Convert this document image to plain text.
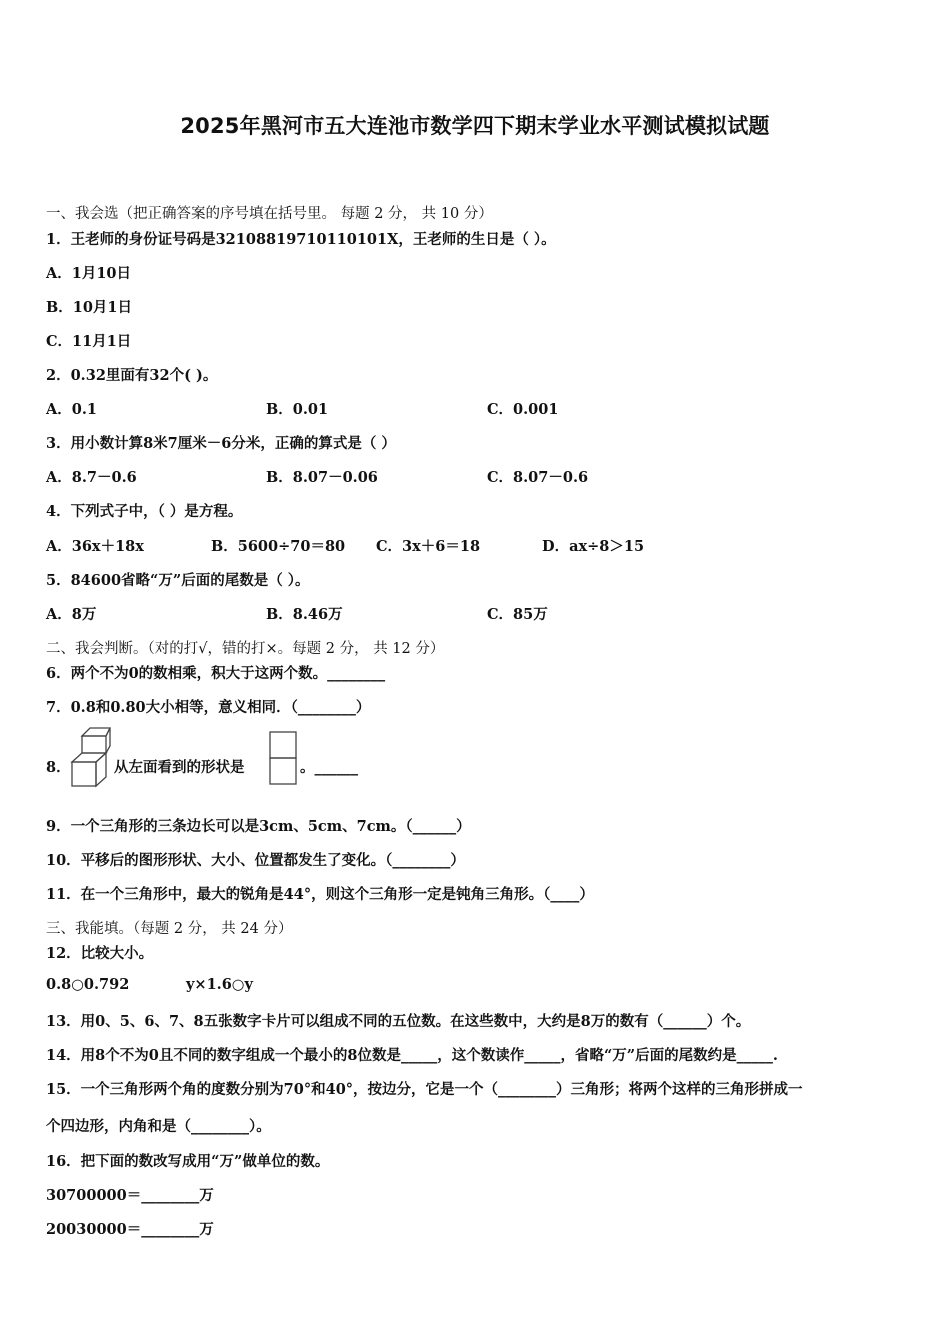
2025年黑河市五大连池市数学四下期末学业水平测试模拟试题
一、我会选（把正确答案的序号填在括号里。 每题 2 分， 共 10 分）
1．王老师的身份证号码是32108819710110101X，王老师的生日是（ ）。
A．1月10日
B．10月1日
C．11月1日
2．0.32里面有32个( )。
A．0.1	B．0.01	C．0.001
3．用小数计算8米7厘米－6分米，正确的算式是（ ）
A．8.7－0.6	B．8.07－0.06	C．8.07－0.6
4．下列式子中，（ ）是方程。
A．36x＋18x	B．5600÷70＝80 C．3x＋6＝18	D．ax÷8＞15
5．84600省略“万”后面的尾数是（ ）。
A．8万	B．8.46万	C．85万
二、我会判断。（对的打√，错的打×。每题 2 分， 共 12 分）
6．两个不为0的数相乘，积大于这两个数。________
7．0.8和0.80大小相等，意义相同．（________）
8．	从左面看到的形状是	。______
9．一个三角形的三条边长可以是3cm、5cm、7cm。（______）
10．平移后的图形形状、大小、位置都发生了变化。（________）
11．在一个三角形中，最大的锐角是44°，则这个三角形一定是钝角三角形。（____）
三、我能填。（每题 2 分， 共 24 分）
12．比较大小。
0.8○0.792	y×1.6○y
13．用0、5、6、7、8五张数字卡片可以组成不同的五位数。在这些数中，大约是8万的数有（______）个。
14．用8个不为0且不同的数字组成一个最小的8位数是_____，这个数读作_____，省略“万”后面的尾数约是_____.
15．一个三角形两个角的度数分别为70°和40°，按边分，它是一个（________）三角形；将两个这样的三角形拼成一
个四边形，内角和是（________）。
16．把下面的数改写成用“万”做单位的数。
30700000＝________万
20030000＝________万
